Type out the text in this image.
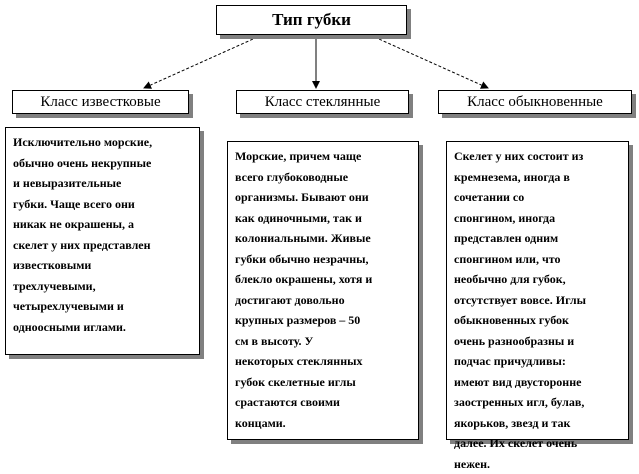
Тип губки
Класс известковые	Класс стеклянные	Класс обыкновенные
Исключительно морские,
обычно очень некрупные
и невыразительные
губки. Чаще всего они
никак не окрашены, а
скелет у них представлен
известковыми
трехлучевыми,
четырехлучевыми и
одноосными иглами.
Морские, причем чаще
всего глубоководные
организмы. Бывают они
как одиночными, так и
колониальными. Живые
губки обычно незрачны,
блекло окрашены, хотя и
достигают довольно
крупных размеров – 50
см в высоту. У
некоторых стеклянных
губок скелетные иглы
срастаются своими
концами.
Скелет у них состоит из
кремнезема, иногда в
сочетании со
спонгином, иногда
представлен одним
спонгином или, что
необычно для губок,
отсутствует вовсе. Иглы
обыкновенных губок
очень разнообразны и
подчас причудливы:
имеют вид двусторонне
заостренных игл, булав,
якорьков, звезд и так
далее. Их скелет очень
нежен.
